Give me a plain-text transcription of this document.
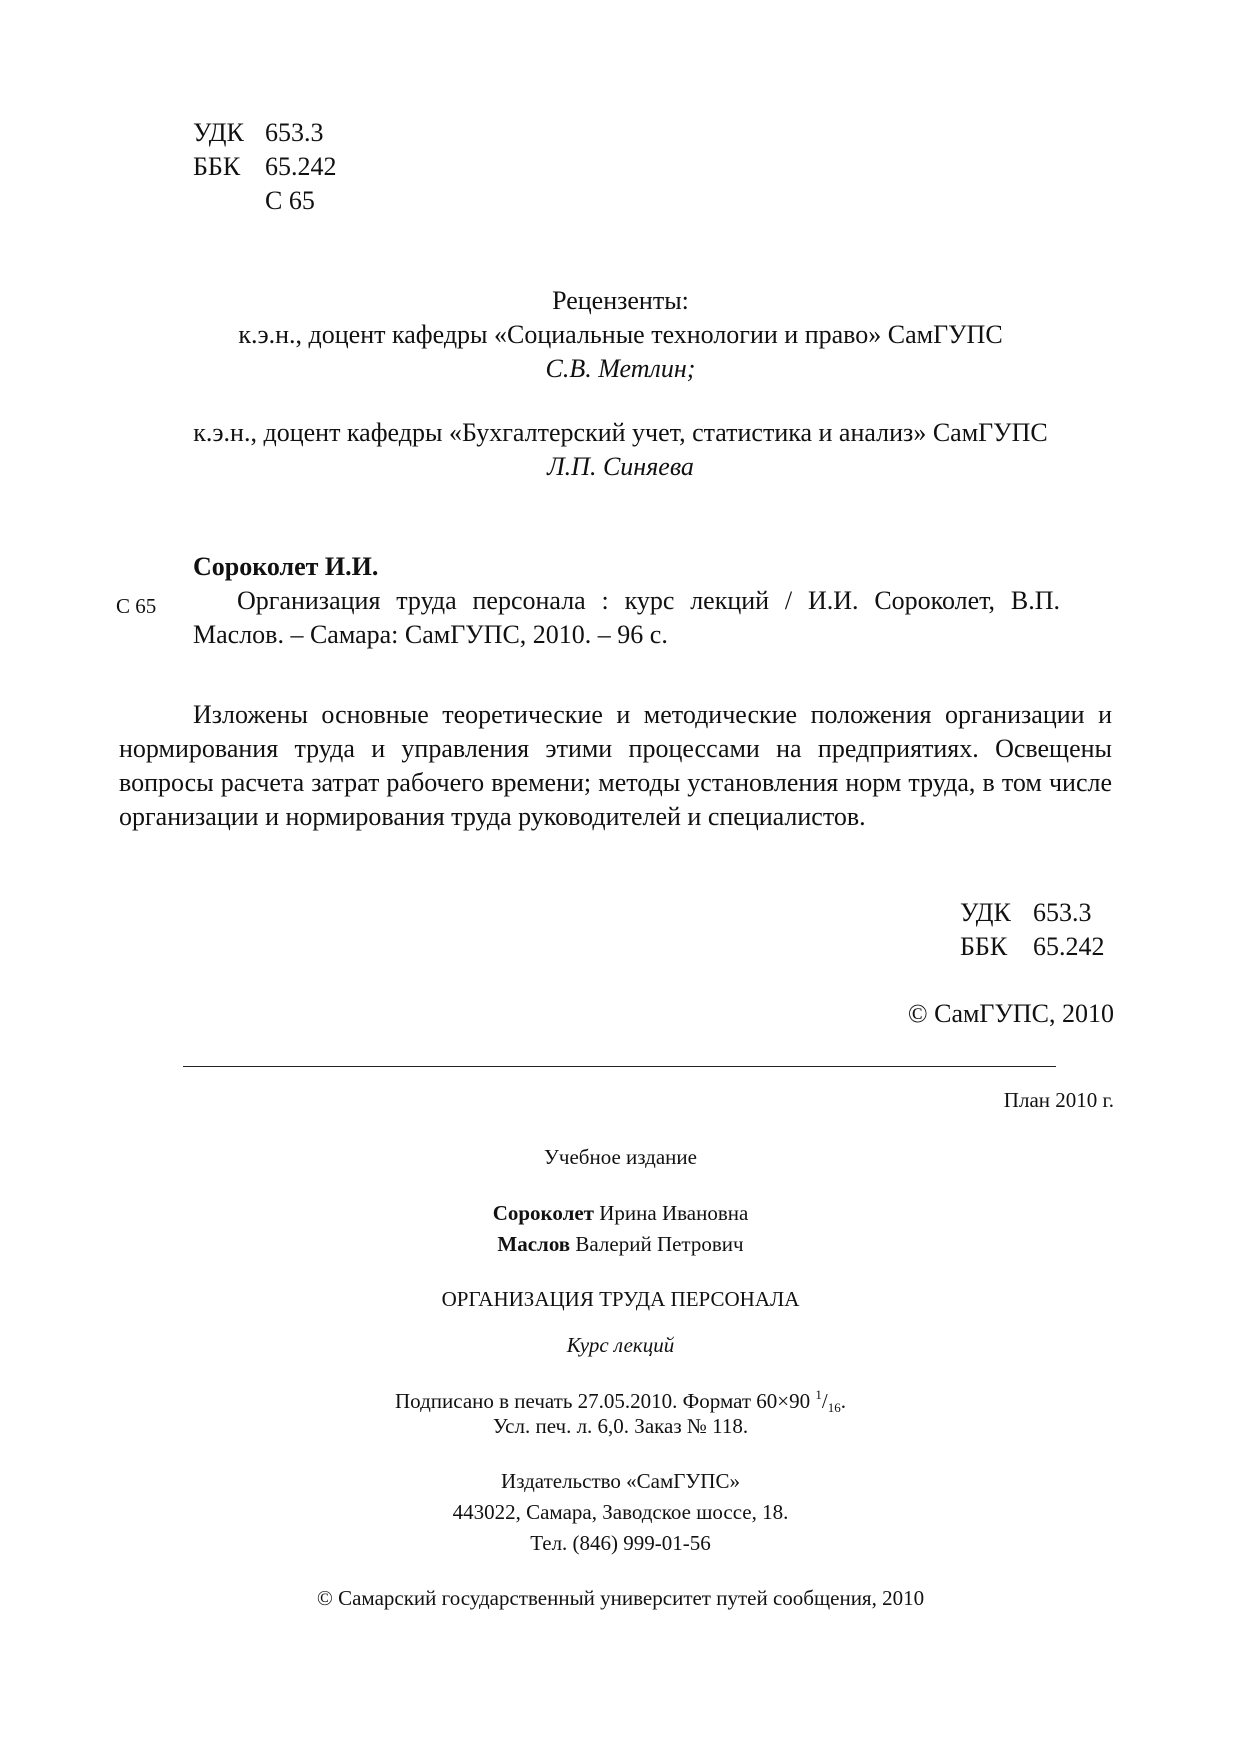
УДК 653.3
ББК 65.242
С 65
Рецензенты:
к.э.н., доцент кафедры «Социальные технологии и право» СамГУПС
С.В. Метлин;
к.э.н., доцент кафедры «Бухгалтерский учет, статистика и анализ» СамГУПС
Л.П. Синяева
Сороколет И.И.
С 65	Организация труда персонала : курс лекций / И.И. Сороколет, В.П. Маслов. – Самара: СамГУПС, 2010. – 96 с.
Изложены основные теоретические и методические положения организации и нормирования труда и управления этими процессами на предприятиях. Освещены вопросы расчета затрат рабочего времени; методы установления норм труда, в том числе организации и нормирования труда руководителей и специалистов.
УДК 653.3
ББК 65.242
© СамГУПС, 2010
План 2010 г.
Учебное издание
Сороколет Ирина Ивановна
Маслов Валерий Петрович
ОРГАНИЗАЦИЯ ТРУДА ПЕРСОНАЛА
Курс лекций
Подписано в печать 27.05.2010. Формат 60×90 $^1/_{16}$.
Усл. печ. л. 6,0. Заказ № 118.
Издательство «СамГУПС»
443022, Самара, Заводское шоссе, 18.
Тел. (846) 999-01-56
© Самарский государственный университет путей сообщения, 2010
